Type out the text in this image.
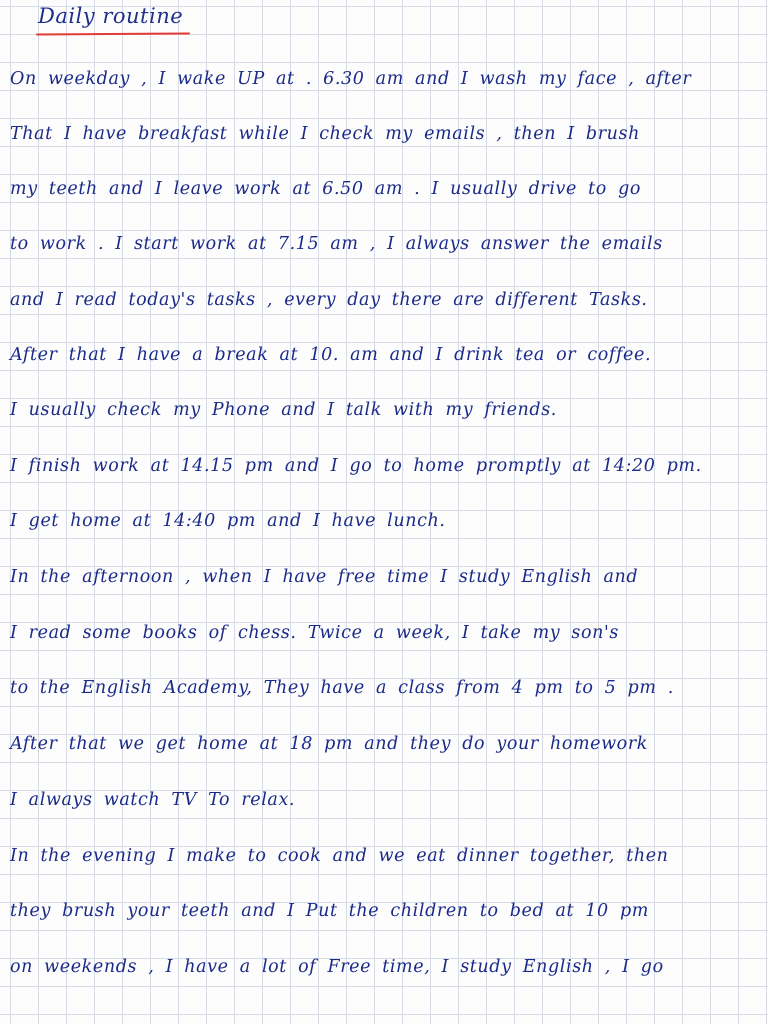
Daily routine
On weekday , I wake UP at . 6.30 am and I wash my face , after
That I have breakfast while I check my emails , then I brush
my teeth and I leave work at 6.50 am . I usually drive to go
to work . I start work at 7.15 am , I always answer the emails
and I read today's tasks , every day there are different Tasks.
After that I have a break at 10. am and I drink tea or coffee.
I usually check my Phone and I talk with my friends.
I finish work at 14.15 pm and I go to home promptly at 14:20 pm.
I get home at 14:40 pm and I have lunch.
In the afternoon , when I have free time I study English and
I read some books of chess. Twice a week, I take my son's
to the English Academy, They have a class from 4 pm to 5 pm .
After that we get home at 18 pm and they do your homework
I always watch TV To relax.
In the evening I make to cook and we eat dinner together, then
they brush your teeth and I Put the children to bed at 10 pm
on weekends , I have a lot of Free time, I study English , I go
